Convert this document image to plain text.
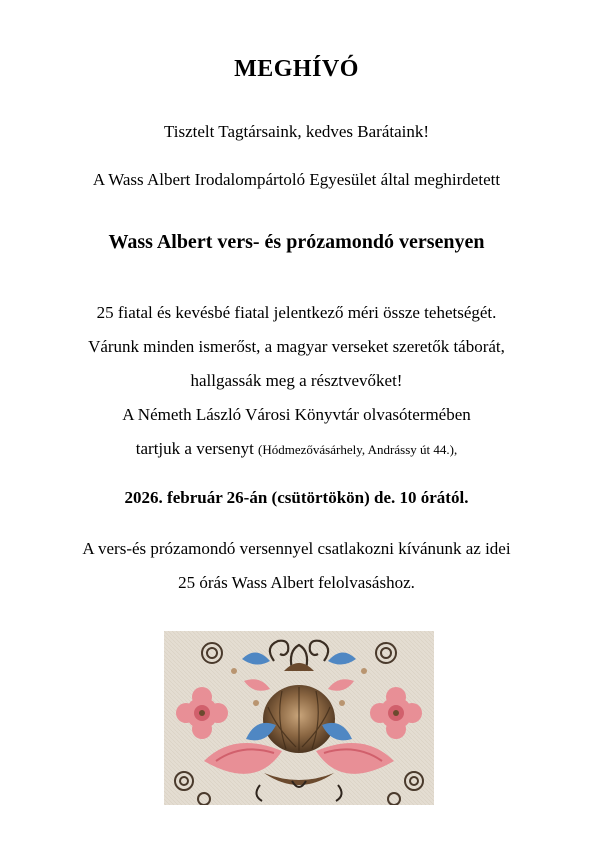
MEGHÍVÓ
Tisztelt Tagtársaink, kedves Barátaink!
A Wass Albert Irodalompártoló Egyesület által meghirdetett
Wass Albert vers- és prózamondó versenyen
25 fiatal és kevésbé fiatal jelentkező méri össze tehetségét.
Várunk minden ismerőst, a magyar verseket szeretők táborát,
hallgassák meg a résztvevőket!
A Németh László Városi Könyvtár olvasótermében
tartjuk a versenyt (Hódmezővásárhely, Andrássy út 44.),
2026. február 26-án (csütörtökön) de. 10 órától.
A vers-és prózamondó versennyel csatlakozni kívánunk az idei
25 órás Wass Albert felolvasáshoz.
